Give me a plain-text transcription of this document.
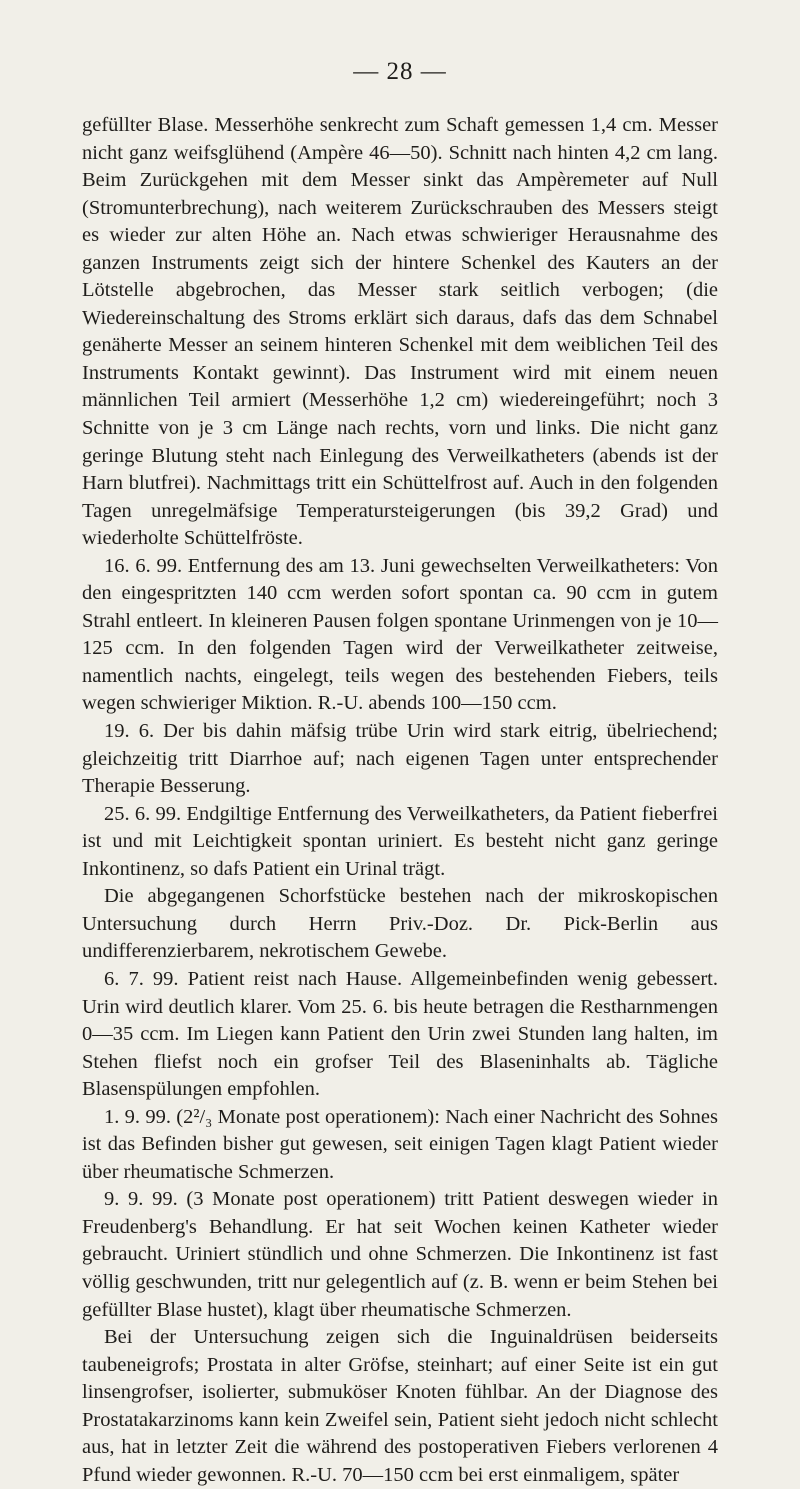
— 28 —

gefüllter Blase. Messerhöhe senkrecht zum Schaft gemessen 1,4 cm. Messer nicht ganz weifsglühend (Ampère 46—50). Schnitt nach hinten 4,2 cm lang. Beim Zurückgehen mit dem Messer sinkt das Ampèremeter auf Null (Stromunterbrechung), nach weiterem Zurückschrauben des Messers steigt es wieder zur alten Höhe an. Nach etwas schwieriger Herausnahme des ganzen Instruments zeigt sich der hintere Schenkel des Kauters an der Lötstelle abgebrochen, das Messer stark seitlich verbogen; (die Wiedereinschaltung des Stroms erklärt sich daraus, dafs das dem Schnabel genäherte Messer an seinem hinteren Schenkel mit dem weiblichen Teil des Instruments Kontakt gewinnt). Das Instrument wird mit einem neuen männlichen Teil armiert (Messerhöhe 1,2 cm) wiedereingeführt; noch 3 Schnitte von je 3 cm Länge nach rechts, vorn und links. Die nicht ganz geringe Blutung steht nach Einlegung des Verweilkatheters (abends ist der Harn blutfrei). Nachmittags tritt ein Schüttelfrost auf. Auch in den folgenden Tagen unregelmäfsige Temperatursteigerungen (bis 39,2 Grad) und wiederholte Schüttelfröste.

16. 6. 99. Entfernung des am 13. Juni gewechselten Verweilkatheters: Von den eingespritzten 140 ccm werden sofort spontan ca. 90 ccm in gutem Strahl entleert. In kleineren Pausen folgen spontane Urinmengen von je 10—125 ccm. In den folgenden Tagen wird der Verweilkatheter zeitweise, namentlich nachts, eingelegt, teils wegen des bestehenden Fiebers, teils wegen schwieriger Miktion. R.-U. abends 100—150 ccm.

19. 6. Der bis dahin mäfsig trübe Urin wird stark eitrig, übelriechend; gleichzeitig tritt Diarrhoe auf; nach eigenen Tagen unter entsprechender Therapie Besserung.

25. 6. 99. Endgiltige Entfernung des Verweilkatheters, da Patient fieberfrei ist und mit Leichtigkeit spontan uriniert. Es besteht nicht ganz geringe Inkontinenz, so dafs Patient ein Urinal trägt.

Die abgegangenen Schorfstücke bestehen nach der mikroskopischen Untersuchung durch Herrn Priv.-Doz. Dr. Pick-Berlin aus undifferenzierbarem, nekrotischem Gewebe.

6. 7. 99. Patient reist nach Hause. Allgemeinbefinden wenig gebessert. Urin wird deutlich klarer. Vom 25. 6. bis heute betragen die Restharnmengen 0—35 ccm. Im Liegen kann Patient den Urin zwei Stunden lang halten, im Stehen fliefst noch ein grofser Teil des Blaseninhalts ab. Tägliche Blasenspülungen empfohlen.

1. 9. 99. (2²/₃ Monate post operationem): Nach einer Nachricht des Sohnes ist das Befinden bisher gut gewesen, seit einigen Tagen klagt Patient wieder über rheumatische Schmerzen.

9. 9. 99. (3 Monate post operationem) tritt Patient deswegen wieder in Freudenberg's Behandlung. Er hat seit Wochen keinen Katheter wieder gebraucht. Uriniert stündlich und ohne Schmerzen. Die Inkontinenz ist fast völlig geschwunden, tritt nur gelegentlich auf (z. B. wenn er beim Stehen bei gefüllter Blase hustet), klagt über rheumatische Schmerzen.

Bei der Untersuchung zeigen sich die Inguinaldrüsen beiderseits taubeneigrofs; Prostata in alter Gröfse, steinhart; auf einer Seite ist ein gut linsengrofser, isolierter, submuköser Knoten fühlbar. An der Diagnose des Prostatakarzinoms kann kein Zweifel sein, Patient sieht jedoch nicht schlecht aus, hat in letzter Zeit die während des postoperativen Fiebers verlorenen 4 Pfund wieder gewonnen. R.-U. 70—150 ccm bei erst einmaligem, später
